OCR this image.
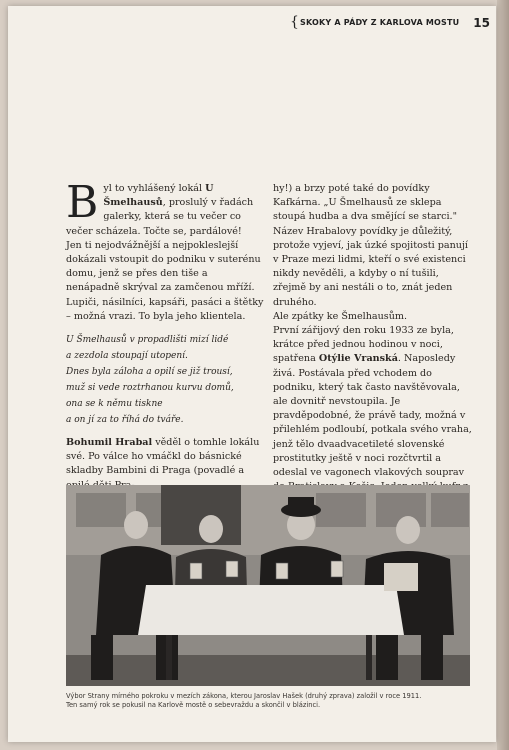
{ SKOKY A PÁDY Z KARLOVA MOSTU 15

Byl to vyhlášený lokál U Šmelhausů, proslulý v řadách galerky, která se tu večer co večer scházela. Točte se, pardálové!

Jen ti nejodvážnější a nejpokleslejší dokázali vstoupit do podniku v suterénu domu, jenž se přes den tiše a nenápadně skrýval za zamčenou mříží. Lupiči, násilníci, kapsáři, pasáci a štětky – možná vrazi. To byla jeho klientela.

U Šmelhausů v propadlišti mizí lidé
a zezdola stoupají utopení.
Dnes byla záloha a opilí se již trousí,
muž si vede roztrhanou kurvu domů,
ona se k němu tiskne
a on jí za to říhá do tváře.

Bohumil Hrabal věděl o tomhle lokálu své. Po válce ho vmáčkl do básnické skladby Bambini di Praga (povadlé a

hy!) a brzy poté také do povídky Kafkárna. „U Šmelhausů ze sklepa stoupá hudba a dva smějící se starci."

Název Hrabalovy povídky je důležitý, protože vyjeví, jak úzké spojitosti panují v Praze mezi lidmi, kteří o své existenci nikdy nevěděli, a kdyby o ní tušili, zřejmě by ani nestáli o to, znát jeden druhého.

Ale zpátky ke Šmelhausům.

První zářijový den roku 1933 ze byla, krátce před jednou hodinou v noci, spatřena Otýlie Vranská. Naposledy živá. Postávala před vchodem do podniku, který tak často navštěvovala, ale dovnitř nevstoupila. Je pravděpodobné, že právě tady, možná v přilehlém podloubí, potkala svého vraha, jenž tělo dvaadvacetileté slovenské prostitutky ještě v noci rozčtvrtil a odeslal ve vagonech vlakových souprav

Výbor Strany mírného pokroku v mezích zákona, kterou Jaroslav Hašek (druhý zprava) založil v roce 1911.
Ten samý rok se pokusil na Karlově mostě o sebevraždu a skončil v blázinci.
